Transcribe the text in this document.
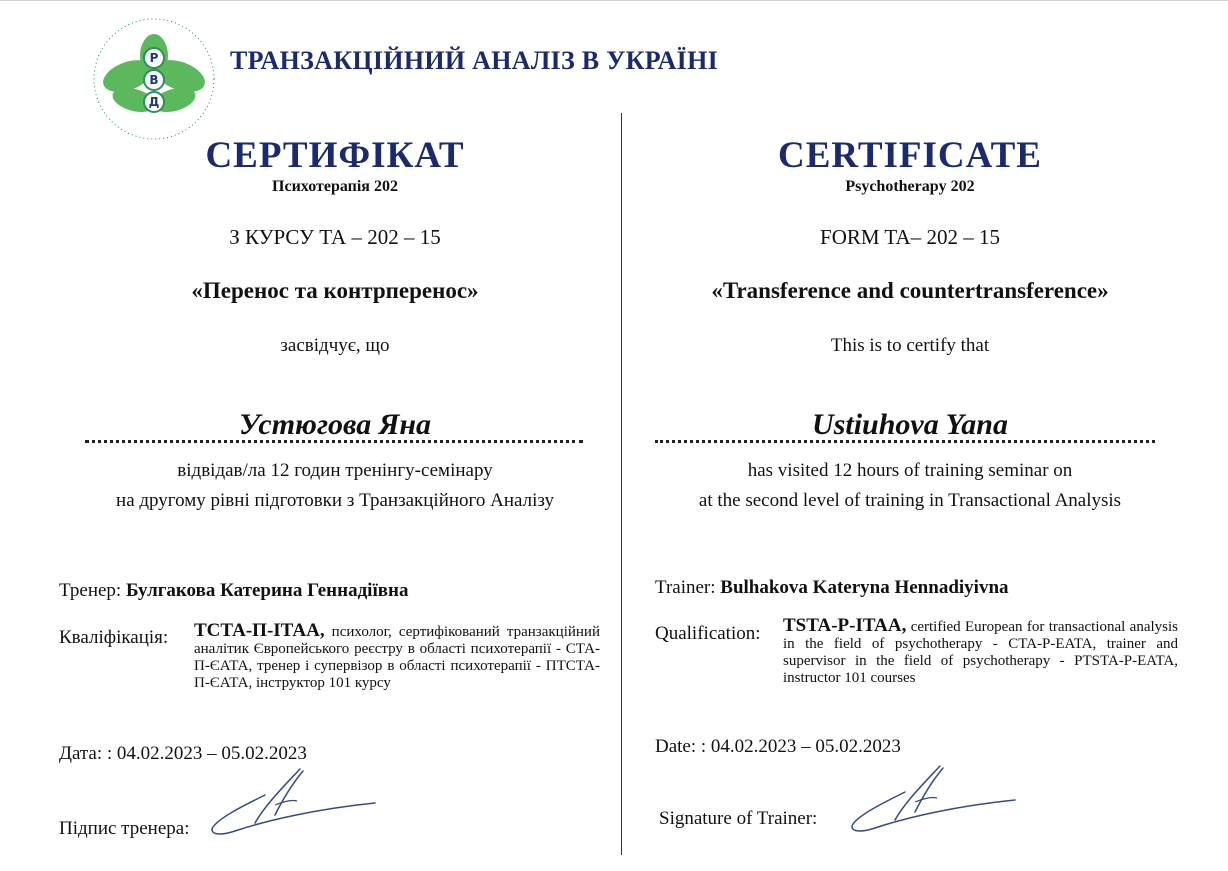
Р
В
Д
ТРАНЗАКЦІЙНИЙ АНАЛІЗ В УКРАЇНІ
СЕРТИФІКАТ
Психотерапія 202
З КУРСУ ТА – 202 – 15
«Перенос та контрперенос»
засвідчує, що
Устюгова Яна
відвідав/ла 12 годин тренінгу-семінару
на другому рівні підготовки з Транзакційного Аналізу
Тренер: Булгакова Катерина Геннадіївна
Кваліфікація: ТСТА-П-ІТАА, психолог, сертифікований транзакційний аналітик Європейського реєстру в області психотерапії - СТА-П-ЄАТА, тренер і супервізор в області психотерапії - ПТСТА-П-ЄАТА, інструктор 101 курсу
Дата: : 04.02.2023 – 05.02.2023
Підпис тренера:
CERTIFICATE
Psychotherapy 202
FORM TA– 202 – 15
«Transference and countertransference»
This is to certify that
Ustiuhova Yana
has visited 12 hours of training seminar on
at the second level of training in Transactional Analysis
Trainer: Bulhakova Kateryna Hennadiyivna
Qualification: TSTA-P-ITAA, certified European for transactional analysis in the field of psychotherapy - CTA-P-EATA, trainer and supervisor in the field of psychotherapy - PTSTA-P-EATA, instructor 101 courses
Date: : 04.02.2023 – 05.02.2023
Signature of Trainer:
